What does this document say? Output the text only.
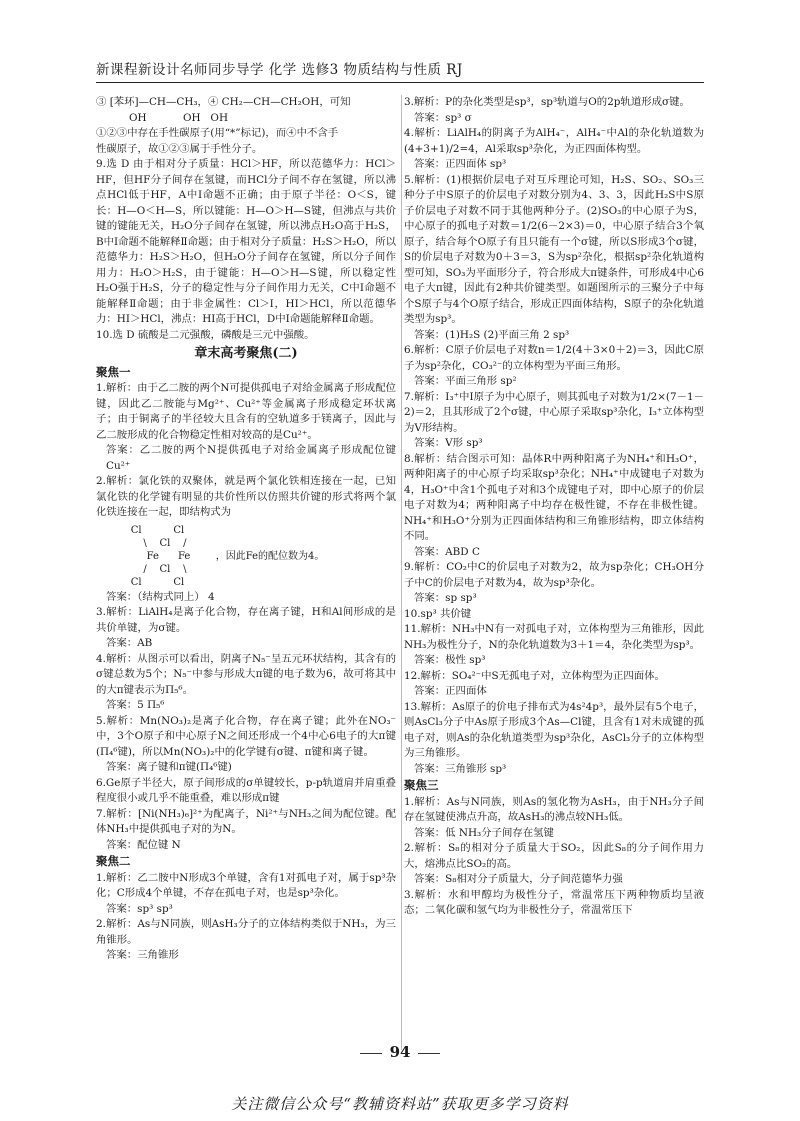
新课程新设计名师同步导学 化学 选修3 物质结构与性质 RJ

③ [苯环]—CH—CH₃，④ CH₂—CH—CH₂OH，可知

OH           OH   OH

①②③中存在手性碳原子(用“*”标记)，而④中不含手

性碳原子，故①②③属于手性分子。

9.选 D 由于相对分子质量：HCl＞HF，所以范德华力：HCl＞HF，但HF分子间存在氢键，而HCl分子间不存在氢键，所以沸点HCl低于HF，A中Ⅰ命题不正确；由于原子半径：O＜S，键长：H—O＜H—S，所以键能：H—O＞H—S键，但沸点与共价键的键能无关，H₂O分子间存在氢键，所以沸点H₂O高于H₂S，B中Ⅰ命题不能解释Ⅱ命题；由于相对分子质量：H₂S＞H₂O，所以范德华力：H₂S＞H₂O，但H₂O分子间存在氢键，所以分子间作用力：H₂O＞H₂S，由于键能：H—O＞H—S键，所以稳定性H₂O强于H₂S，分子的稳定性与分子间作用力无关，C中Ⅰ命题不能解释Ⅱ命题；由于非金属性：Cl＞I，HI＞HCl，所以范德华力：HI＞HCl，沸点：HI高于HCl，D中Ⅰ命题能解释Ⅱ命题。

10.选 D 硫酸是二元强酸，磷酸是三元中强酸。

章末高考聚焦(二)
聚焦一

1.解析：由于乙二胺的两个N可提供孤电子对给金属离子形成配位键，因此乙二胺能与Mg²⁺、Cu²⁺等金属离子形成稳定环状离子；由于铜离子的半径较大且含有的空轨道多于镁离子，因此与乙二胺形成的化合物稳定性相对较高的是Cu²⁺。

答案：乙二胺的两个N提供孤电子对给金属离子形成配位键 Cu²⁺

2.解析：氯化铁的双聚体，就是两个氯化铁相连接在一起，已知氯化铁的化学键有明显的共价性所以仿照共价键的形式将两个氯化铁连接在一起，即结构式为

Cl          Cl
\    Cl    /
Fe      Fe        ，因此Fe的配位数为4。
/    Cl    \
Cl          Cl

答案：（结构式同上） 4

3.解析：LiAlH₄是离子化合物，存在离子键，H和Al间形成的是共价单键，为σ键。

答案：AB

4.解析：从图示可以看出，阴离子N₅⁻呈五元环状结构，其含有的σ键总数为5个；N₅⁻中参与形成大π键的电子数为6，故可将其中的大π键表示为Π₅⁶。

答案：5 Π₅⁶

5.解析：Mn(NO₃)₂是离子化合物，存在离子键；此外在NO₃⁻中，3个O原子和中心原子N之间还形成一个4中心6电子的大π键(Π₄⁶键)，所以Mn(NO₃)₂中的化学键有σ键、π键和离子键。

答案：离子键和π键(Π₄⁶键)

6.Ge原子半径大，原子间形成的σ单键较长，p-p轨道肩并肩重叠程度很小或几乎不能重叠，难以形成π键

7.解析：[Ni(NH₃)₆]²⁺为配离子，Ni²⁺与NH₃之间为配位键。配体NH₃中提供孤电子对的为N。

答案：配位键 N

聚焦二

1.解析：乙二胺中N形成3个单键，含有1对孤电子对，属于sp³杂化；C形成4个单键，不存在孤电子对，也是sp³杂化。

答案：sp³ sp³

2.解析：As与N同族，则AsH₃分子的立体结构类似于NH₃，为三角锥形。

答案：三角锥形

3.解析：P的杂化类型是sp³，sp³轨道与O的2p轨道形成σ键。

答案：sp³ σ

4.解析：LiAlH₄的阴离子为AlH₄⁻，AlH₄⁻中Al的杂化轨道数为(4+3+1)/2=4，Al采取sp³杂化，为正四面体构型。

答案：正四面体 sp³

5.解析：(1)根据价层电子对互斥理论可知，H₂S、SO₂、SO₃三种分子中S原子的价层电子对数分别为4、3、3，因此H₂S中S原子价层电子对数不同于其他两种分子。(2)SO₃的中心原子为S，中心原子的孤电子对数＝1/2(6－2×3)＝0，中心原子结合3个氧原子，结合每个O原子有且只能有一个σ键，所以S形成3个σ键，S的价层电子对数为0＋3＝3，S为sp²杂化，根据sp²杂化轨道构型可知，SO₃为平面形分子，符合形成大π键条件，可形成4中心6电子大π键，因此有2种共价键类型。如题图所示的三聚分子中每个S原子与4个O原子结合，形成正四面体结构，S原子的杂化轨道类型为sp³。

答案：(1)H₂S (2)平面三角 2 sp³

6.解析：C原子价层电子对数n＝1/2(4＋3×0＋2)＝3，因此C原子为sp²杂化，CO₃²⁻的立体构型为平面三角形。

答案：平面三角形 sp²

7.解析：I₃⁺中I原子为中心原子，则其孤电子对数为1/2×(7－1－2)＝2，且其形成了2个σ键，中心原子采取sp³杂化，I₃⁺立体构型为V形结构。

答案：V形 sp³

8.解析：结合图示可知：晶体R中两种阳离子为NH₄⁺和H₃O⁺，两种阳离子的中心原子均采取sp³杂化；NH₄⁺中成键电子对数为4，H₃O⁺中含1个孤电子对和3个成键电子对，即中心原子的价层电子对数为4；两种阳离子中均存在极性键，不存在非极性键。NH₄⁺和H₃O⁺分别为正四面体结构和三角锥形结构，即立体结构不同。

答案：ABD C

9.解析：CO₂中C的价层电子对数为2，故为sp杂化；CH₃OH分子中C的价层电子对数为4，故为sp³杂化。

答案：sp sp³

10.sp³ 共价键

11.解析：NH₃中N有一对孤电子对，立体构型为三角锥形，因此NH₃为极性分子，N的杂化轨道数为3＋1＝4，杂化类型为sp³。

答案：极性 sp³

12.解析：SO₄²⁻中S无孤电子对，立体构型为正四面体。

答案：正四面体

13.解析：As原子的价电子排布式为4s²4p³，最外层有5个电子，则AsCl₃分子中As原子形成3个As—Cl键，且含有1对未成键的孤电子对，则As的杂化轨道类型为sp³杂化，AsCl₃分子的立体构型为三角锥形。

答案：三角锥形 sp³

聚焦三

1.解析：As与N同族，则As的氢化物为AsH₃，由于NH₃分子间存在氢键使沸点升高，故AsH₃的沸点较NH₃低。

答案：低 NH₃分子间存在氢键

2.解析：S₈的相对分子质量大于SO₂，因此S₈的分子间作用力大，熔沸点比SO₂的高。

答案：S₈相对分子质量大，分子间范德华力强

3.解析：水和甲醇均为极性分子，常温常压下两种物质均呈液态；二氧化碳和氢气均为非极性分子，常温常压下

94
关注微信公众号“教辅资料站”获取更多学习资料
